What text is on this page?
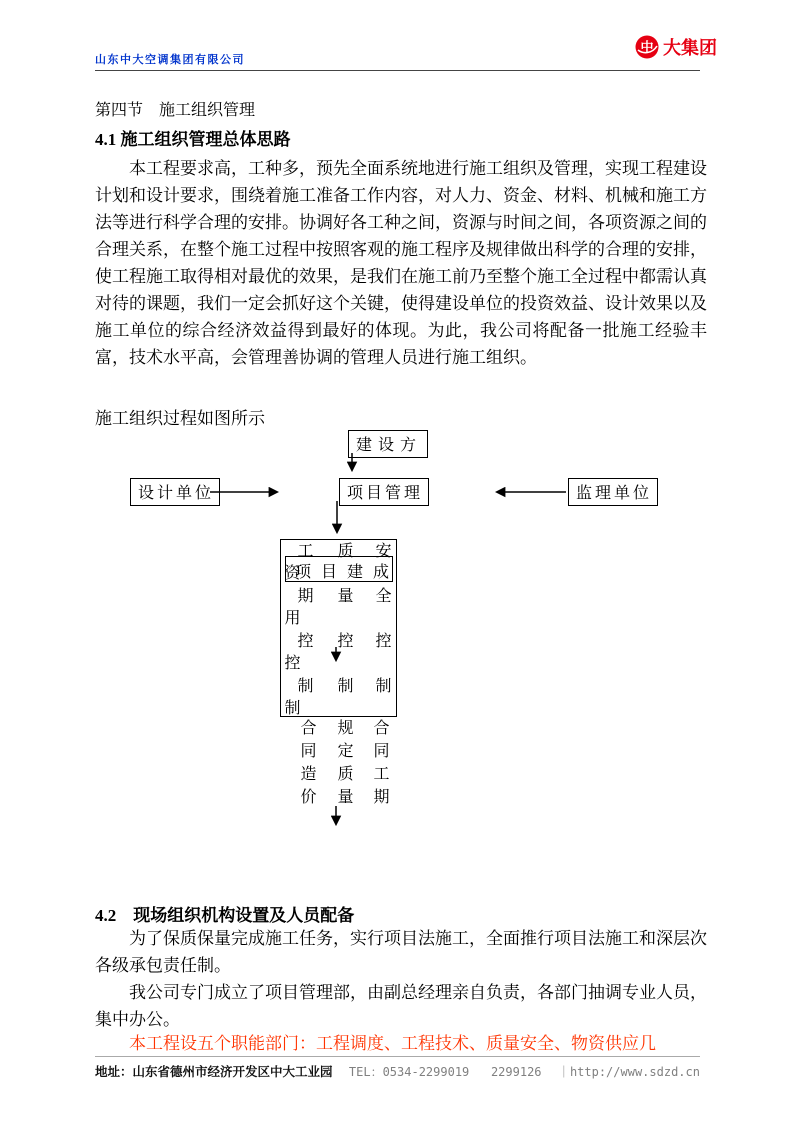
山东中大空调集团有限公司
中 大集团
第四节　施工组织管理
4.1 施工组织管理总体思路
本工程要求高，工种多，预先全面系统地进行施工组织及管理，实现工程建设计划和设计要求，围绕着施工准备工作内容，对人力、资金、材料、机械和施工方法等进行科学合理的安排。协调好各工种之间，资源与时间之间，各项资源之间的合理关系，在整个施工过程中按照客观的施工程序及规律做出科学的合理的安排，使工程施工取得相对最优的效果，是我们在施工前乃至整个施工全过程中都需认真对待的课题，我们一定会抓好这个关键，使得建设单位的投资效益、设计效果以及施工单位的综合经济效益得到最好的体现。为此，我公司将配备一批施工经验丰富，技术水平高，会管理善协调的管理人员进行施工组织。
施工组织过程如图所示
建设方
设计单位	项目管理	监理单位
项目建成
工期控制 质量控制 安全控制
资用控制
合同造价 规定质量 合同工期
4.2　现场组织机构设置及人员配备
为了保质保量完成施工任务，实行项目法施工，全面推行项目法施工和深层次各级承包责任制。
我公司专门成立了项目管理部，由副总经理亲自负责，各部门抽调专业人员，集中办公。
本工程设五个职能部门：工程调度、工程技术、质量安全、物资供应几
地址：山东省德州市经济开发区中大工业园 TEL：0534-2299019   2299126 ｜http://www.sdzd.cn
